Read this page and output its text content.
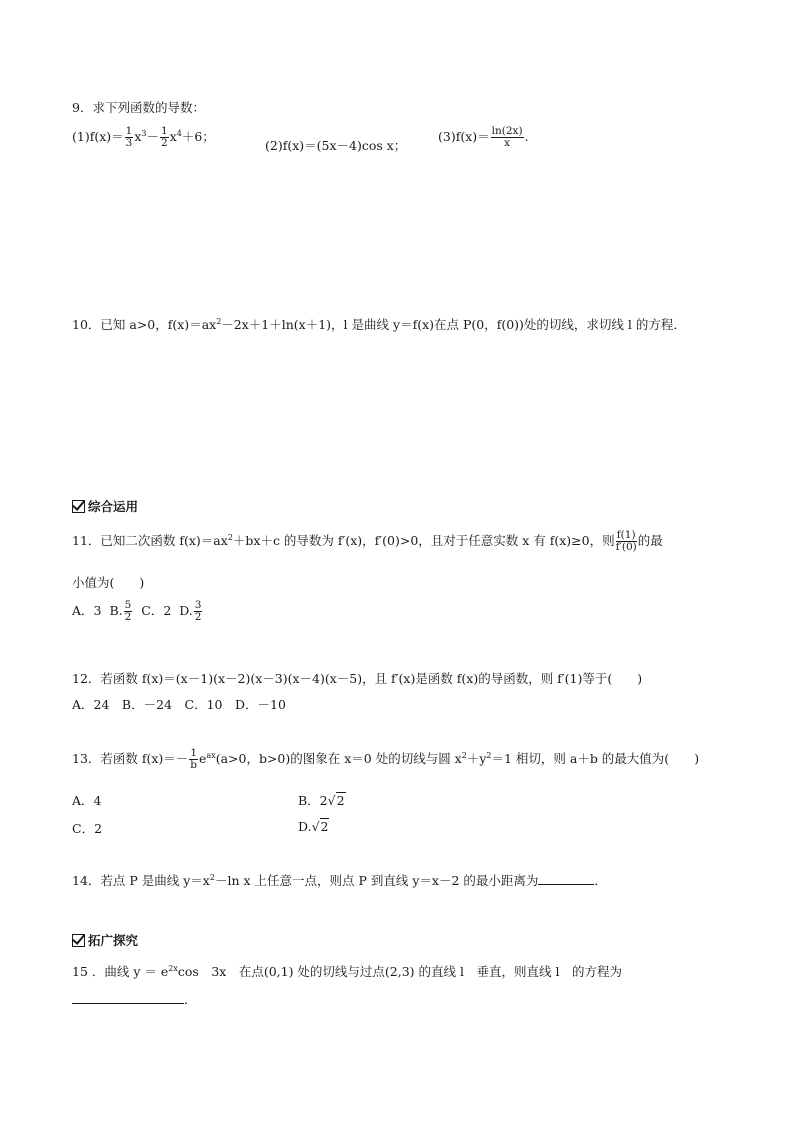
9．求下列函数的导数：
$(1)f(x)= \frac{1}{3} x^3- \frac{1}{2} x^4+6$；
(2)f(x)＝(5x－4)cos x；
$(3)f(x)= \frac{\ln(2x)}{x}$ .
10．已知 a>0，$f(x)=ax^2-2x+1+\ln(x+1)$，l 是曲线 y＝f(x)在点 P(0，f(0))处的切线，求切线 l 的方程．
综合运用
11．已知二次函数 $f(x)=ax^2+bx+c$ 的导数为 f′(x)，f′(0)>0，且对于任意实数 x 有 f(x)≥0，则 $\frac{f(1)}{f'(0)}$ 的最
小值为(　　)
A．3 B. $\frac{5}{2}$ C．2 D. $\frac{3}{2}$
12．若函数 f(x)＝(x－1)(x－2)(x－3)(x－4)(x－5)，且 f′(x)是函数 f(x)的导函数，则 f′(1)等于(　　)
A．24　B．－24　C．10　D．－10
13．若函数 $f(x)=- \frac{1}{b} e^{ax}(a>0$，b>0)的图象在 x＝0 处的切线与圆 $x^2+y^2=1$ 相切，则 a＋b 的最大值为(　　)
A．4	B．2√2
C．2	D.√2
14．若点 P 是曲线 $y=x^2-\ln$ x 上任意一点，则点 P 到直线 y＝x－2 的最小距离为	．
拓广探究
15 ．曲线 $y = e^{2x}\cos$　3x　在点(0,1) 处的切线与过点(2,3) 的直线 l　垂直，则直线 l　的方程为
．
